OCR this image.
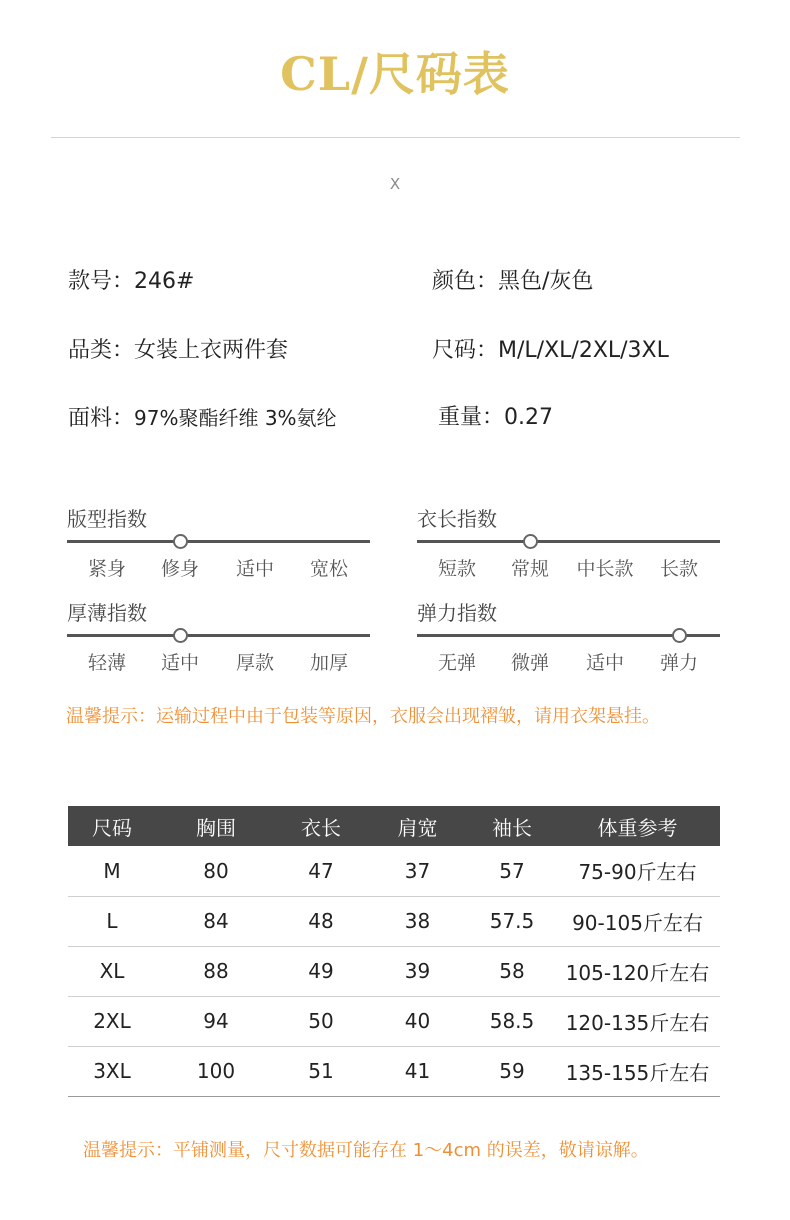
CL/尺码表
X
款号：246#	颜色：黑色/灰色
品类：女装上衣两件套	尺码：M/L/XL/2XL/3XL
面料：97%聚酯纤维 3%氨纶	重量：0.27
版型指数
紧身	修身	适中	宽松
衣长指数
短款	常规	中长款	长款
厚薄指数
轻薄	适中	厚款	加厚
弹力指数
无弹	微弹	适中	弹力
温馨提示：运输过程中由于包装等原因，衣服会出现褶皱，请用衣架悬挂。
尺码	胸围	衣长	肩宽	袖长	体重参考
M	80	47	37	57	75-90斤左右
L	84	48	38	57.5	90-105斤左右
XL	88	49	39	58	105-120斤左右
2XL	94	50	40	58.5	120-135斤左右
3XL	100	51	41	59	135-155斤左右
温馨提示：平铺测量，尺寸数据可能存在 1～4cm 的误差，敬请谅解。
